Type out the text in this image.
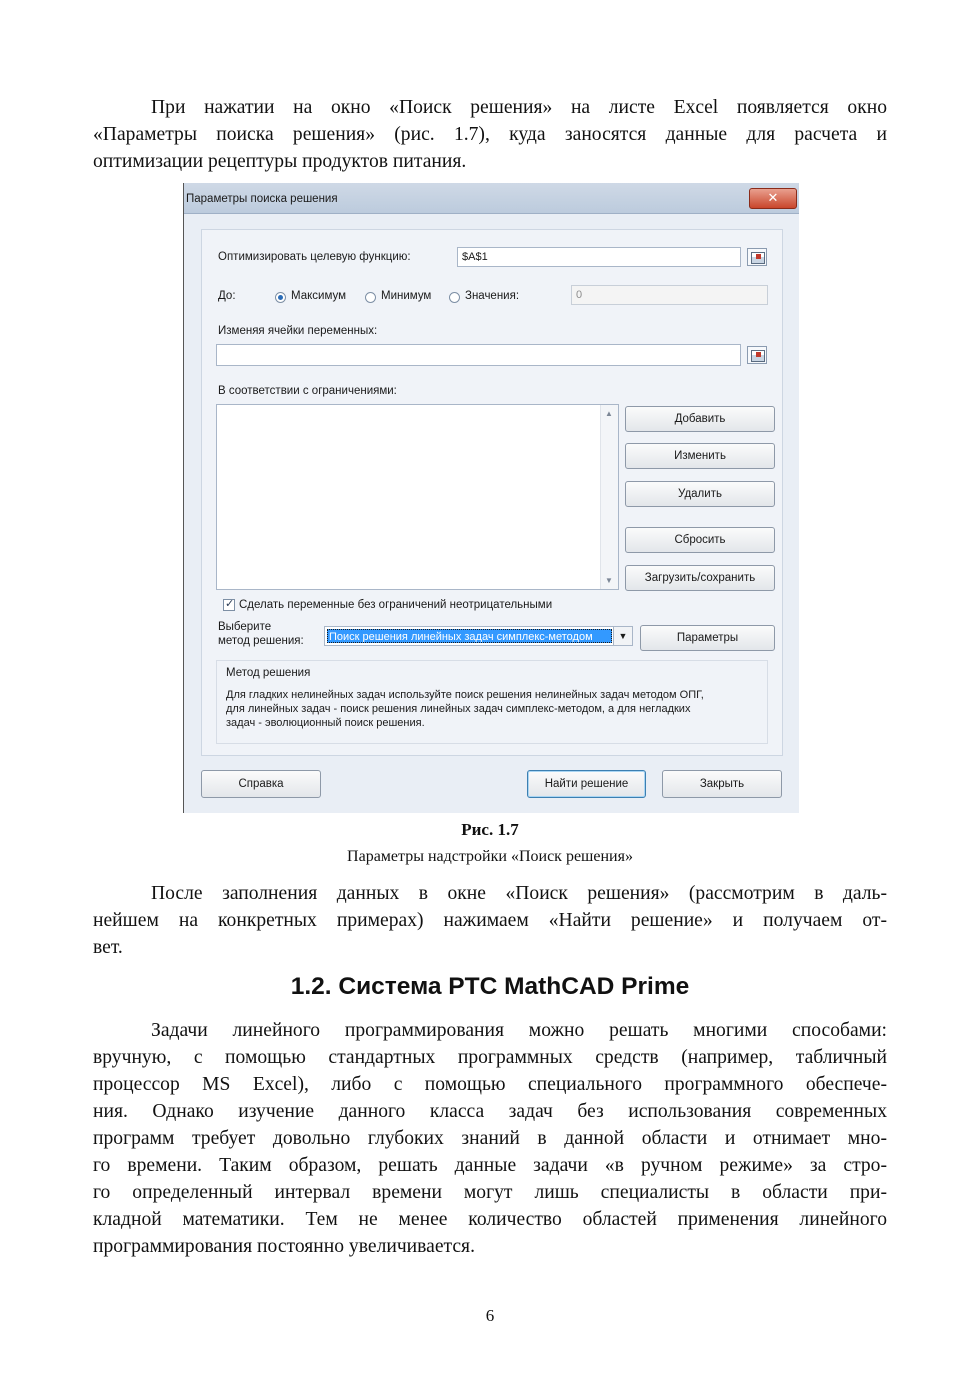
При нажатии на окно «Поиск решения» на листе Excel появляется окно
«Параметры поиска решения» (рис. 1.7), куда заносятся данные для расчета и
оптимизации рецептуры продуктов питания.

Параметры поиска решения	✕
Оптимизировать целевую функцию:	$A$1
До:	Максимум	Минимум	Значения:	0
Изменяя ячейки переменных:
В соответствии с ограничениями:
▲
▼
Добавить
Изменить
Удалить
Сбросить
Загрузить/сохранить
✓
Сделать переменные без ограничений неотрицательными
Выберите
метод решения: Поиск решения линейных задач симплекс-методом	▼	Параметры
Метод решения
Для гладких нелинейных задач используйте поиск решения нелинейных задач методом ОПГ,
для линейных задач - поиск решения линейных задач симплекс-методом, а для негладких
задач - эволюционный поиск решения.
Справка	Найти решение	Закрыть
Рис. 1.7
Параметры надстройки «Поиск решения»

После заполнения данных в окне «Поиск решения» (рассмотрим в даль-
нейшем на конкретных примерах) нажимаем «Найти решение» и получаем от-
вет.

1.2. Система PTC MathCAD Prime

Задачи линейного программирования можно решать многими способами:
вручную, с помощью стандартных программных средств (например, табличный
процессор MS Excel), либо с помощью специального программного обеспече-
ния. Однако изучение данного класса задач без использования современных
программ требует довольно глубоких знаний в данной области и отнимает мно-
го времени. Таким образом, решать данные задачи «в ручном режиме» за стро-
го определенный интервал времени могут лишь специалисты в области при-
кладной математики. Тем не менее количество областей применения линейного
программирования постоянно увеличивается.

6
